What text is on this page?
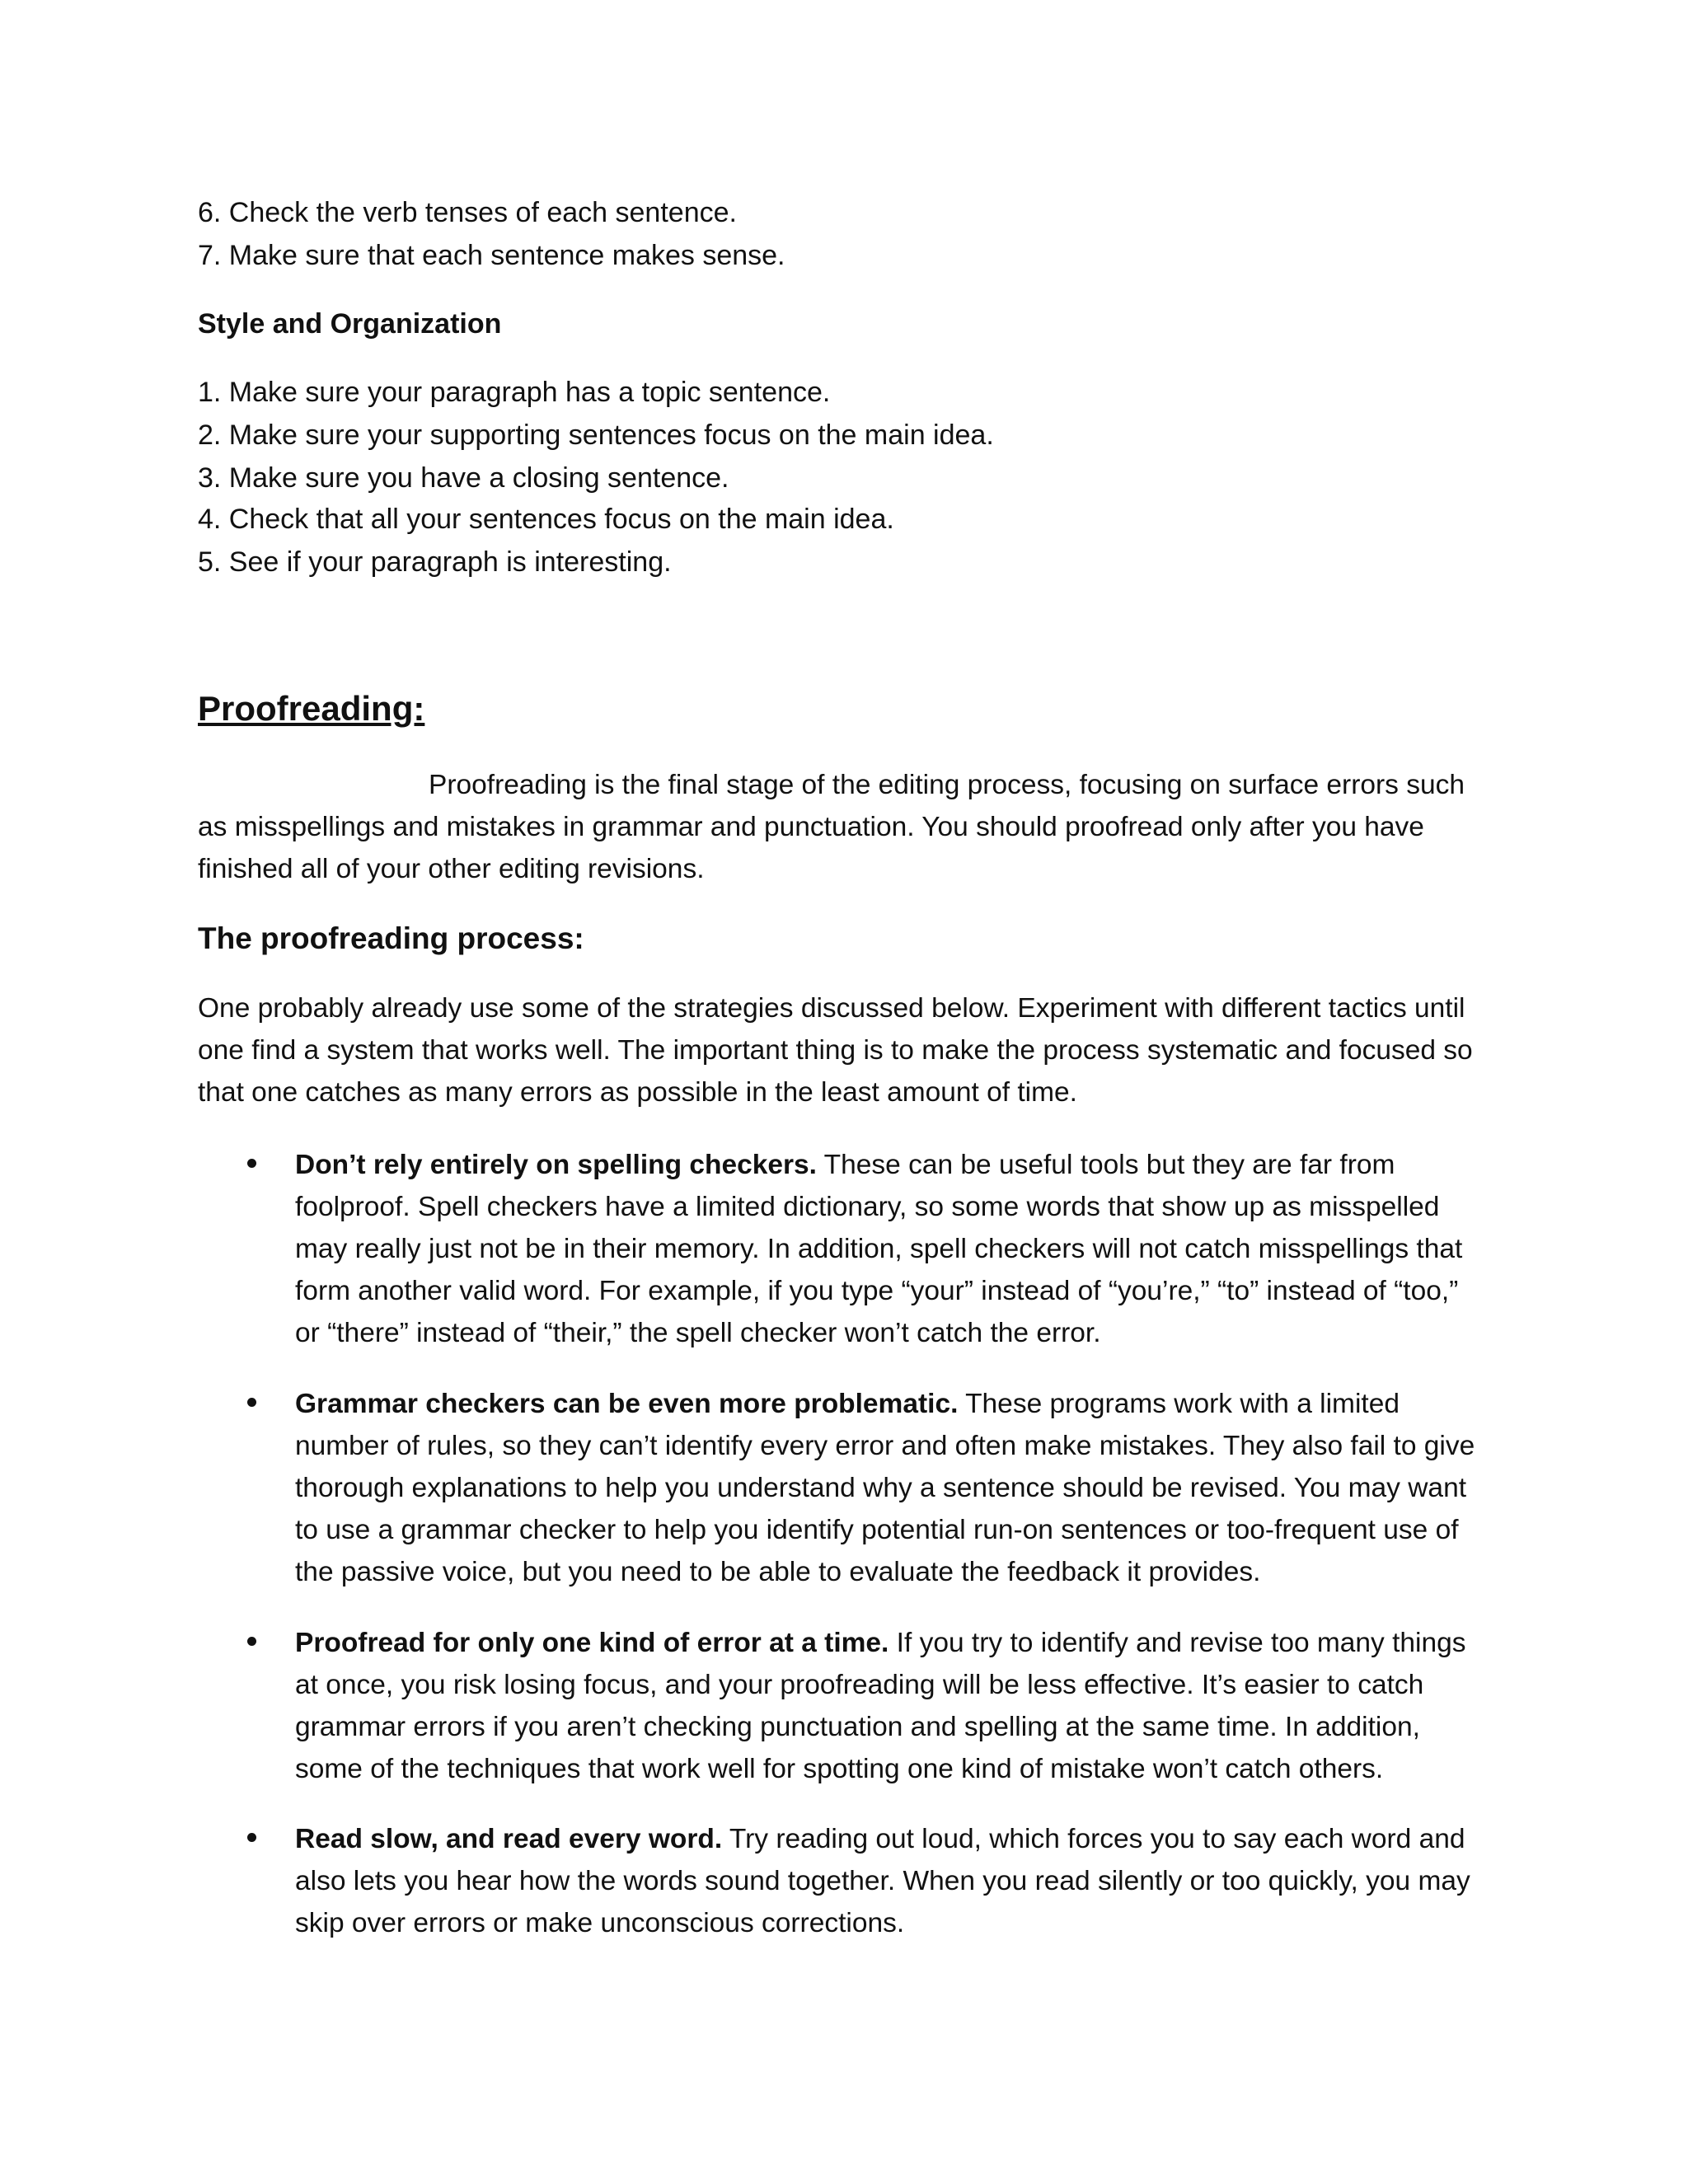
6. Check the verb tenses of each sentence.
7. Make sure that each sentence makes sense.
Style and Organization
1. Make sure your paragraph has a topic sentence.
2. Make sure your supporting sentences focus on the main idea.
3. Make sure you have a closing sentence.
4. Check that all your sentences focus on the main idea.
5. See if your paragraph is interesting.
Proofreading:
Proofreading is the final stage of the editing process, focusing on surface errors such as misspellings and mistakes in grammar and punctuation. You should proofread only after you have finished all of your other editing revisions.
The proofreading process:
One probably already use some of the strategies discussed below. Experiment with different tactics until one find a system that works well. The important thing is to make the process systematic and focused so that one catches as many errors as possible in the least amount of time.
Don’t rely entirely on spelling checkers. These can be useful tools but they are far from foolproof. Spell checkers have a limited dictionary, so some words that show up as misspelled may really just not be in their memory. In addition, spell checkers will not catch misspellings that form another valid word. For example, if you type “your” instead of “you’re,” “to” instead of “too,” or “there” instead of “their,” the spell checker won’t catch the error.
Grammar checkers can be even more problematic. These programs work with a limited number of rules, so they can’t identify every error and often make mistakes. They also fail to give thorough explanations to help you understand why a sentence should be revised. You may want to use a grammar checker to help you identify potential run-on sentences or too-frequent use of the passive voice, but you need to be able to evaluate the feedback it provides.
Proofread for only one kind of error at a time. If you try to identify and revise too many things at once, you risk losing focus, and your proofreading will be less effective. It’s easier to catch grammar errors if you aren’t checking punctuation and spelling at the same time. In addition, some of the techniques that work well for spotting one kind of mistake won’t catch others.
Read slow, and read every word. Try reading out loud, which forces you to say each word and also lets you hear how the words sound together. When you read silently or too quickly, you may skip over errors or make unconscious corrections.
